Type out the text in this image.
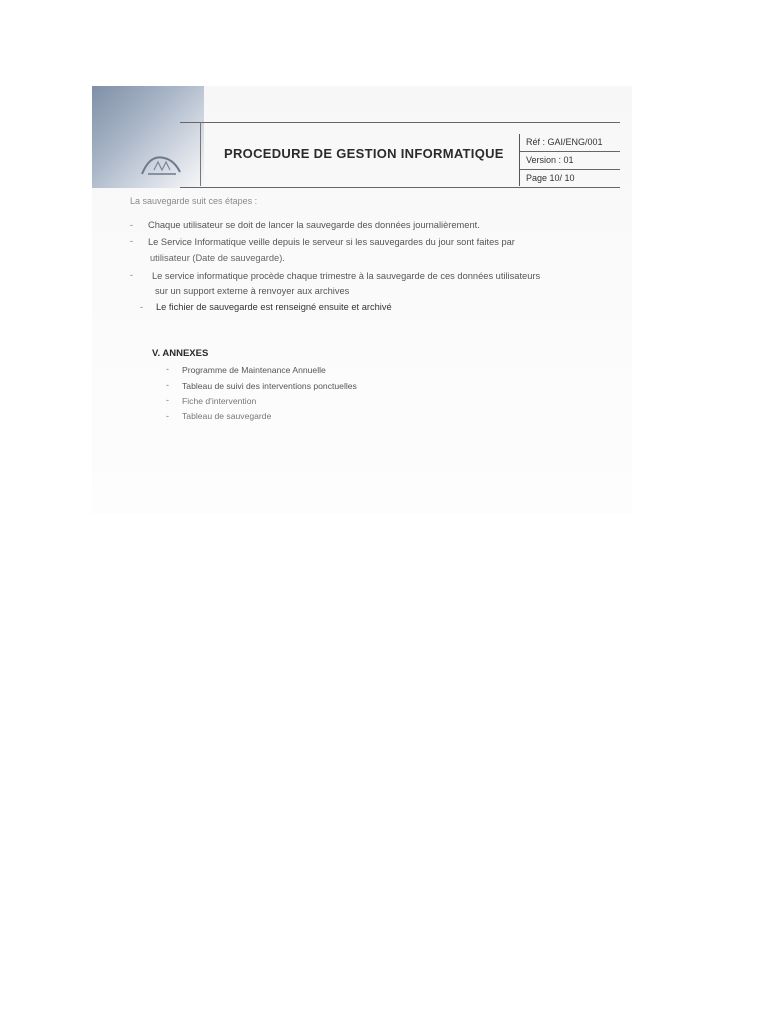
PROCEDURE DE GESTION INFORMATIQUE
Réf : GAI/ENG/001
Version : 01
Page 10/ 10
La sauvegarde suit ces étapes :
- Chaque utilisateur se doit de lancer la sauvegarde des données journalièrement.
- Le Service Informatique veille depuis le serveur si les sauvegardes du jour sont faites par
utilisateur (Date de sauvegarde).
- Le service informatique procède chaque trimestre à la sauvegarde de ces données utilisateurs
sur un support externe à renvoyer aux archives
- Le fichier de sauvegarde est renseigné ensuite et archivé
V. ANNEXES
- Programme de Maintenance Annuelle
- Tableau de suivi des interventions ponctuelles
- Fiche d'intervention
- Tableau de sauvegarde
